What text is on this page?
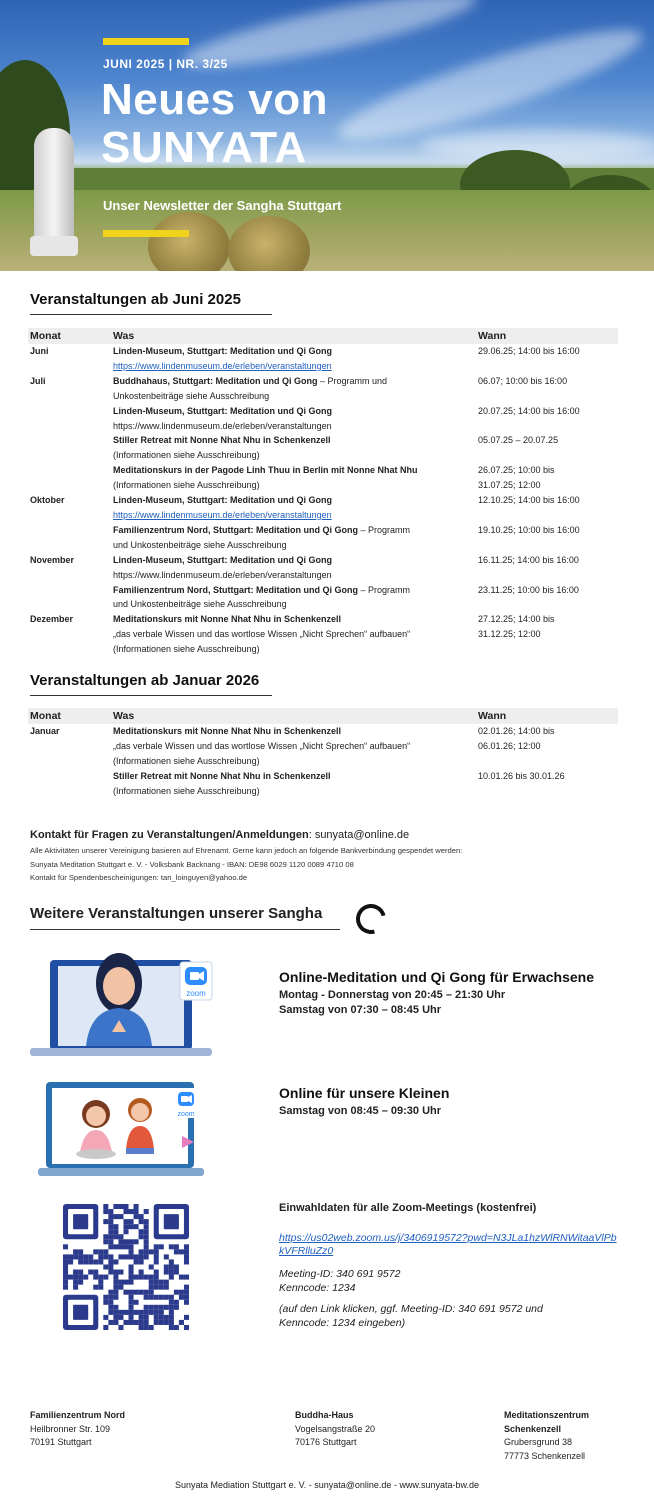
JUNI 2025 | NR. 3/25
Neues von
SUNYATA
Unser Newsletter der Sangha Stuttgart
Veranstaltungen ab Juni 2025
Monat	Was	Wann
Juni	Linden-Museum, Stuttgart: Meditation und Qi Gong
https://www.lindenmuseum.de/erleben/veranstaltungen	29.06.25; 14:00 bis 16:00
Juli	Buddhahaus, Stuttgart: Meditation und Qi Gong – Programm und
Unkostenbeiträge siehe Ausschreibung	06.07; 10:00 bis 16:00
	Linden-Museum, Stuttgart: Meditation und Qi Gong
https://www.lindenmuseum.de/erleben/veranstaltungen	20.07.25; 14:00 bis 16:00
	Stiller Retreat mit Nonne Nhat Nhu in Schenkenzell
(Informationen siehe Ausschreibung)	05.07.25 – 20.07.25
	Meditationskurs in der Pagode Linh Thuu in Berlin mit Nonne Nhat Nhu
(Informationen siehe Ausschreibung)	26.07.25; 10:00 bis
31.07.25; 12:00
Oktober	Linden-Museum, Stuttgart: Meditation und Qi Gong
https://www.lindenmuseum.de/erleben/veranstaltungen	12.10.25; 14:00 bis 16:00
	Familienzentrum Nord, Stuttgart: Meditation und Qi Gong – Programm
und Unkostenbeiträge siehe Ausschreibung	19.10.25; 10:00 bis 16:00
November	Linden-Museum, Stuttgart: Meditation und Qi Gong
https://www.lindenmuseum.de/erleben/veranstaltungen	16.11.25; 14:00 bis 16:00
	Familienzentrum Nord, Stuttgart: Meditation und Qi Gong – Programm
und Unkostenbeiträge siehe Ausschreibung	23.11.25; 10:00 bis 16:00
Dezember	Meditationskurs mit Nonne Nhat Nhu in Schenkenzell
„das verbale Wissen und das wortlose Wissen „Nicht Sprechen“ aufbauen“
(Informationen siehe Ausschreibung)	27.12.25; 14:00 bis
31.12.25; 12:00
Veranstaltungen ab Januar 2026
Monat	Was	Wann
Januar	Meditationskurs mit Nonne Nhat Nhu in Schenkenzell
„das verbale Wissen und das wortlose Wissen „Nicht Sprechen“ aufbauen“
(Informationen siehe Ausschreibung)	02.01.26; 14:00 bis
06.01.26; 12:00
	Stiller Retreat mit Nonne Nhat Nhu in Schenkenzell
(Informationen siehe Ausschreibung)	10.01.26 bis 30.01.26
Kontakt für Fragen zu Veranstaltungen/Anmeldungen: sunyata@online.de
Alle Aktivitäten unserer Vereinigung basieren auf Ehrenamt. Gerne kann jedoch an folgende Bankverbindung gespendet werden:
Sunyata Meditation Stuttgart e. V. - Volksbank Backnang - IBAN: DE98 6029 1120 0089 4710 08
Kontakt für Spendenbescheinigungen: tan_loinguyen@yahoo.de
Weitere Veranstaltungen unserer Sangha
zoom
Online-Meditation und Qi Gong für Erwachsene
Montag - Donnerstag von 20:45 – 21:30 Uhr
Samstag von 07:30 – 08:45 Uhr
zoom
Online für unsere Kleinen
Samstag von 08:45 – 09:30 Uhr
Einwahldaten für alle Zoom-Meetings (kostenfrei)
https://us02web.zoom.us/j/3406919572?pwd=N3JLa1hzWlRNWitaaVlPbkVFRlluZz0
Meeting-ID: 340 691 9572
Kenncode: 1234
(auf den Link klicken, ggf. Meeting-ID: 340 691 9572 und
Kenncode: 1234 eingeben)
Familienzentrum Nord
Heilbronner Str. 109
70191 Stuttgart
Buddha-Haus
Vogelsangstraße 20
70176 Stuttgart
Meditationszentrum
Schenkenzell
Grubersgrund 38
77773 Schenkenzell
Sunyata Mediation Stuttgart e. V. - sunyata@online.de - www.sunyata-bw.de
